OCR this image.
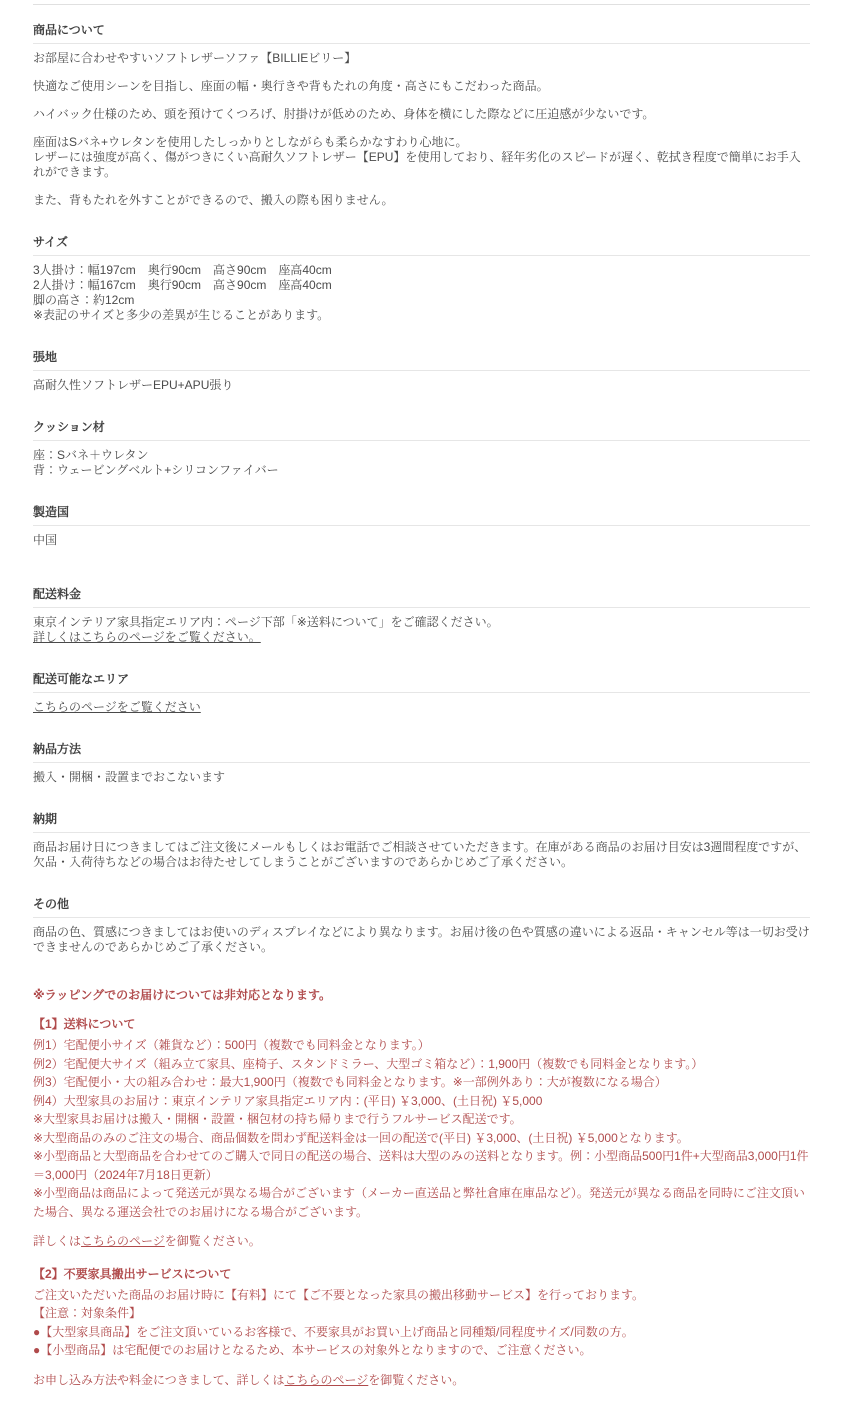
商品について

お部屋に合わせやすいソフトレザーソファ【BILLIEビリー】

快適なご使用シーンを目指し、座面の幅・奥行きや背もたれの角度・高さにもこだわった商品。

ハイバック仕様のため、頭を預けてくつろげ、肘掛けが低めのため、身体を横にした際などに圧迫感が少ないです。

座面はSバネ+ウレタンを使用したしっかりとしながらも柔らかなすわり心地に。
レザーには強度が高く、傷がつきにくい高耐久ソフトレザー【EPU】を使用しており、経年劣化のスピードが遅く、乾拭き程度で簡単にお手入れができます。

また、背もたれを外すことができるので、搬入の際も困りません。

サイズ

3人掛け：幅197cm　奥行90cm　高さ90cm　座高40cm

2人掛け：幅167cm　奥行90cm　高さ90cm　座高40cm

脚の高さ：約12cm

※表記のサイズと多少の差異が生じることがあります。

張地

高耐久性ソフトレザーEPU+APU張り

クッション材

座：Sバネ＋ウレタン

背：ウェービングベルト+シリコンファイバー

製造国

中国

配送料金

東京インテリア家具指定エリア内：ページ下部「※送料について」をご確認ください。

詳しくはこちらのページをご覧ください。

配送可能なエリア

こちらのページをご覧ください

納品方法

搬入・開梱・設置までおこないます

納期

商品お届け日につきましてはご注文後にメールもしくはお電話でご相談させていただきます。在庫がある商品のお届け目安は3週間程度ですが、欠品・入荷待ちなどの場合はお待たせしてしまうことがございますのであらかじめご了承ください。

その他

商品の色、質感につきましてはお使いのディスプレイなどにより異なります。お届け後の色や質感の違いによる返品・キャンセル等は一切お受けできませんのであらかじめご了承ください。

※ラッピングでのお届けについては非対応となります。

【1】送料について

例1）宅配便小サイズ（雑貨など）：500円（複数でも同料金となります。）

例2）宅配便大サイズ（組み立て家具、座椅子、スタンドミラー、大型ゴミ箱など）：1,900円（複数でも同料金となります。）

例3）宅配便小・大の組み合わせ：最大1,900円（複数でも同料金となります。※一部例外あり：大が複数になる場合）

例4）大型家具のお届け：東京インテリア家具指定エリア内：(平日) ￥3,000、(土日祝) ￥5,000

※大型家具お届けは搬入・開梱・設置・梱包材の持ち帰りまで行うフルサービス配送です。

※大型商品のみのご注文の場合、商品個数を問わず配送料金は一回の配送で(平日) ￥3,000、(土日祝) ￥5,000となります。

※小型商品と大型商品を合わせてのご購入で同日の配送の場合、送料は大型のみの送料となります。例：小型商品500円1件+大型商品3,000円1件＝3,000円（2024年7月18日更新）

※小型商品は商品によって発送元が異なる場合がございます（メーカー直送品と弊社倉庫在庫品など）。発送元が異なる商品を同時にご注文頂いた場合、異なる運送会社でのお届けになる場合がございます。

詳しくはこちらのページを御覧ください。

【2】不要家具搬出サービスについて

ご注文いただいた商品のお届け時に【有料】にて【ご不要となった家具の搬出移動サービス】を行っております。

【注意：対象条件】

●【大型家具商品】をご注文頂いているお客様で、不要家具がお買い上げ商品と同種類/同程度サイズ/同数の方。

●【小型商品】は宅配便でのお届けとなるため、本サービスの対象外となりますので、ご注意ください。

お申し込み方法や料金につきまして、詳しくはこちらのページを御覧ください。
